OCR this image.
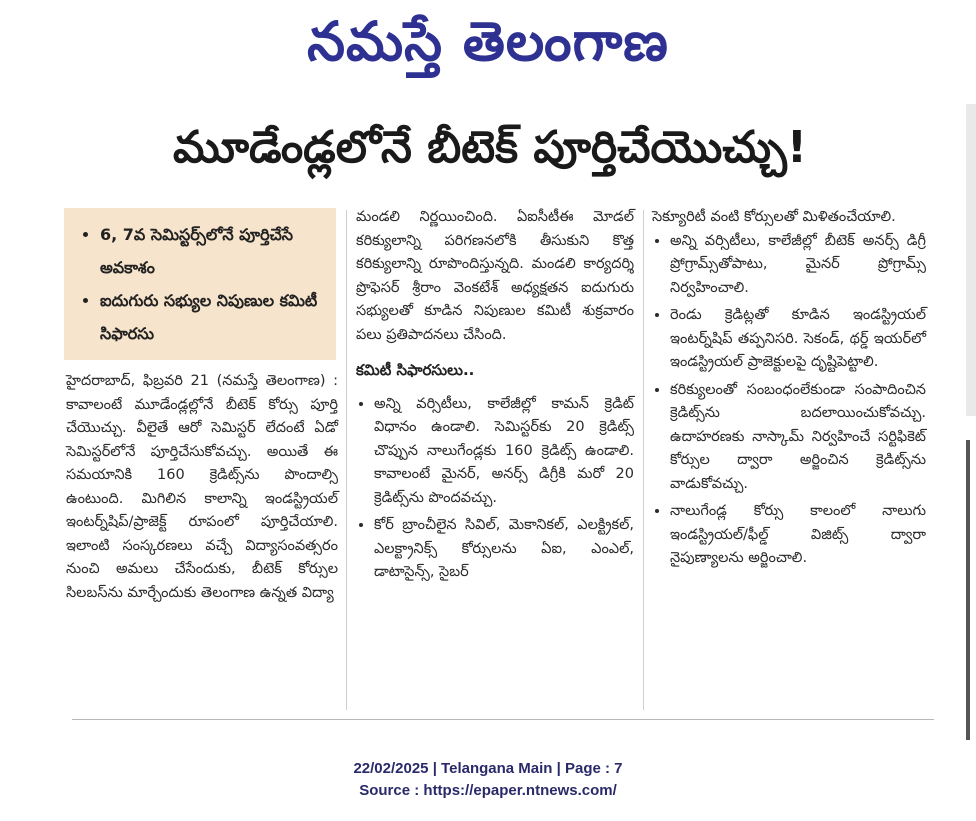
నమస్తే తెలంగాణ
మూడేండ్లలోనే బీటెక్ పూర్తిచేయొచ్చు!
• 6, 7వ సెమిస్టర్స్‌లోనే పూర్తిచేసే అవకాశం
• ఐదుగురు సభ్యుల నిపుణుల కమిటీ సిఫారసు

హైదరాబాద్, ఫిబ్రవరి 21 (నమస్తే తెలంగాణ) : కావాలంటే మూడేండ్లల్లోనే బీటెక్ కోర్సు పూర్తి చేయొచ్చు. వీలైతే ఆరో సెమిస్టర్ లేదంటే ఏడో సెమిస్టర్‌లోనే పూర్తిచేసుకోవచ్చు. అయితే ఈ సమయానికి 160 క్రెడిట్స్‌ను పొందాల్సి ఉంటుంది. మిగిలిన కాలాన్ని ఇండస్ట్రియల్ ఇంటర్న్‌షిప్/ప్రాజెక్ట్ రూపంలో పూర్తిచేయాలి. ఇలాంటి సంస్కరణలు వచ్చే విద్యాసంవత్సరం నుంచి అమలు చేసేందుకు, బీటెక్ కోర్సుల సిలబస్‌ను మార్చేందుకు తెలంగాణ ఉన్నత విద్యా

మండలి నిర్ణయించింది. ఏఐసీటీఈ మోడల్ కరిక్యులాన్ని పరిగణనలోకి తీసుకుని కొత్త కరిక్యులాన్ని రూపొందిస్తున్నది. మండలి కార్యదర్శి ప్రొఫెసర్ శ్రీరాం వెంకటేశ్ అధ్యక్షతన ఐదుగురు సభ్యులతో కూడిన నిపుణుల కమిటీ శుక్రవారం పలు ప్రతిపాదనలు చేసింది.

కమిటీ సిఫారసులు..

• అన్ని వర్సిటీలు, కాలేజీల్లో కామన్ క్రెడిట్ విధానం ఉండాలి. సెమిస్టర్‌కు 20 క్రెడిట్స్ చొప్పున నాలుగేండ్లకు 160 క్రెడిట్స్ ఉండాలి. కావాలంటే మైనర్, అనర్స్ డిగ్రీకి మరో 20 క్రెడిట్స్‌ను పొందవచ్చు.
• కోర్ బ్రాంచీలైన సివిల్, మెకానికల్, ఎలక్ట్రికల్, ఎలక్ట్రానిక్స్ కోర్సులను ఏఐ, ఎంఎల్, డాటాసైన్స్, సైబర్

సెక్యూరిటీ వంటి కోర్సులతో మిళితంచేయాలి.

• అన్ని వర్సిటీలు, కాలేజీల్లో బీటెక్ అనర్స్ డిగ్రీ ప్రోగ్రామ్స్‌తోపాటు, మైనర్ ప్రోగ్రామ్స్ నిర్వహించాలి.
• రెండు క్రెడిట్లతో కూడిన ఇండస్ట్రియల్ ఇంటర్న్‌షిప్ తప్పనిసరి. సెకండ్, థర్డ్ ఇయర్‌లో ఇండస్ట్రియల్ ప్రాజెక్టులపై దృష్టిపెట్టాలి.
• కరిక్యులంతో సంబంధంలేకుండా సంపాదించిన క్రెడిట్స్‌ను బదలాయించుకోవచ్చు. ఉదాహరణకు నాస్కామ్ నిర్వహించే సర్టిఫికెట్ కోర్సుల ద్వారా అర్జించిన క్రెడిట్స్‌ను వాడుకోవచ్చు.
• నాలుగేండ్ల కోర్సు కాలంలో నాలుగు ఇండస్ట్రియల్/ఫీల్డ్ విజిట్స్ ద్వారా నైపుణ్యాలను అర్జించాలి.
22/02/2025 | Telangana Main | Page : 7
Source : https://epaper.ntnews.com/
